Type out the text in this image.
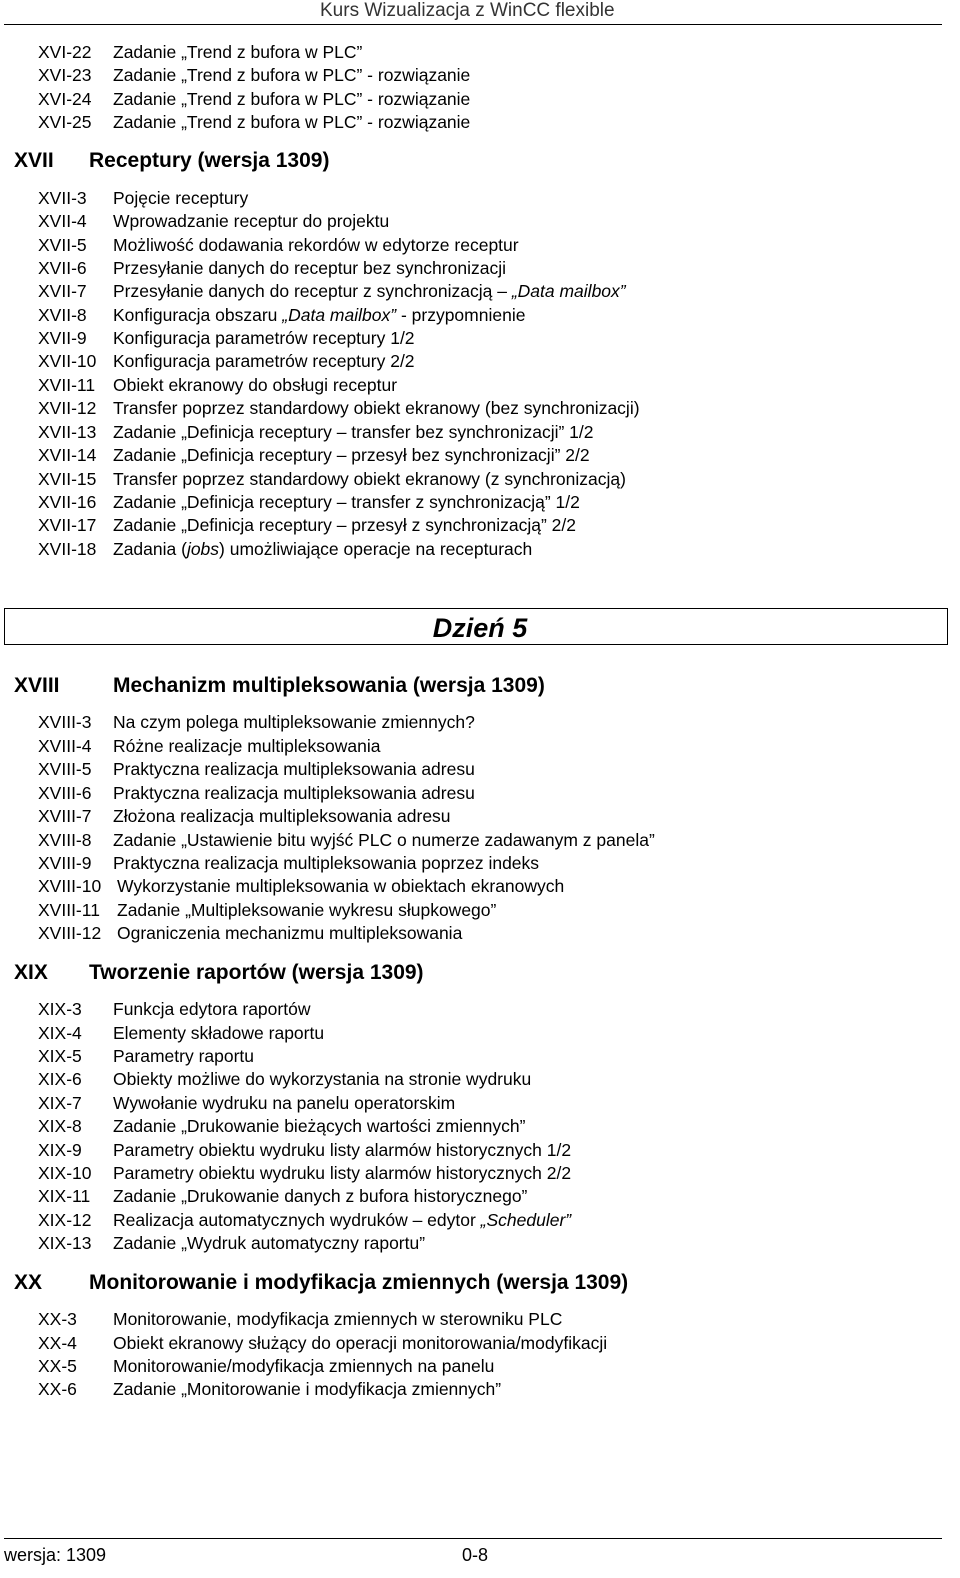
Kurs Wizualizacja z WinCC flexible
XVI-22 Zadanie „Trend z bufora w PLC”
XVI-23 Zadanie „Trend z bufora w PLC” - rozwiązanie
XVI-24 Zadanie „Trend z bufora w PLC” - rozwiązanie
XVI-25 Zadanie „Trend z bufora w PLC” - rozwiązanie
XVII Receptury (wersja 1309)
XVII-3 Pojęcie receptury
XVII-4 Wprowadzanie receptur do projektu
XVII-5 Możliwość dodawania rekordów w edytorze receptur
XVII-6 Przesyłanie danych do receptur bez synchronizacji
XVII-7 Przesyłanie danych do receptur z synchronizacją – „Data mailbox”
XVII-8 Konfiguracja obszaru „Data mailbox” - przypomnienie
XVII-9 Konfiguracja parametrów receptury 1/2
XVII-10 Konfiguracja parametrów receptury 2/2
XVII-11 Obiekt ekranowy do obsługi receptur
XVII-12 Transfer poprzez standardowy obiekt ekranowy (bez synchronizacji)
XVII-13 Zadanie „Definicja receptury – transfer bez synchronizacji” 1/2
XVII-14 Zadanie „Definicja receptury – przesył bez synchronizacji” 2/2
XVII-15 Transfer poprzez standardowy obiekt ekranowy (z synchronizacją)
XVII-16 Zadanie „Definicja receptury – transfer z synchronizacją” 1/2
XVII-17 Zadanie „Definicja receptury – przesył z synchronizacją” 2/2
XVII-18 Zadania (jobs) umożliwiające operacje na recepturach
XVIII	Mechanizm multipleksowania (wersja 1309)
XVIII-3 Na czym polega multipleksowanie zmiennych?
XVIII-4 Różne realizacje multipleksowania
XVIII-5 Praktyczna realizacja multipleksowania adresu
XVIII-6 Praktyczna realizacja multipleksowania adresu
XVIII-7 Złożona realizacja multipleksowania adresu
XVIII-8 Zadanie „Ustawienie bitu wyjść PLC o numerze zadawanym z panela”
XVIII-9 Praktyczna realizacja multipleksowania poprzez indeks
XVIII-10 Wykorzystanie multipleksowania w obiektach ekranowych
XVIII-11 Zadanie „Multipleksowanie wykresu słupkowego”
XVIII-12 Ograniczenia mechanizmu multipleksowania
XIX Tworzenie raportów (wersja 1309)
XIX-3 Funkcja edytora raportów
XIX-4 Elementy składowe raportu
XIX-5 Parametry raportu
XIX-6 Obiekty możliwe do wykorzystania na stronie wydruku
XIX-7 Wywołanie wydruku na panelu operatorskim
XIX-8 Zadanie „Drukowanie bieżących wartości zmiennych”
XIX-9 Parametry obiektu wydruku listy alarmów historycznych 1/2
XIX-10 Parametry obiektu wydruku listy alarmów historycznych 2/2
XIX-11 Zadanie „Drukowanie danych z bufora historycznego”
XIX-12 Realizacja automatycznych wydruków – edytor „Scheduler”
XIX-13 Zadanie „Wydruk automatyczny raportu”
XX Monitorowanie i modyfikacja zmiennych (wersja 1309)
XX-3 Monitorowanie, modyfikacja zmiennych w sterowniku PLC
XX-4 Obiekt ekranowy służący do operacji monitorowania/modyfikacji
XX-5 Monitorowanie/modyfikacja zmiennych na panelu
XX-6 Zadanie „Monitorowanie i modyfikacja zmiennych”
Dzień 5
wersja: 1309	0-8
